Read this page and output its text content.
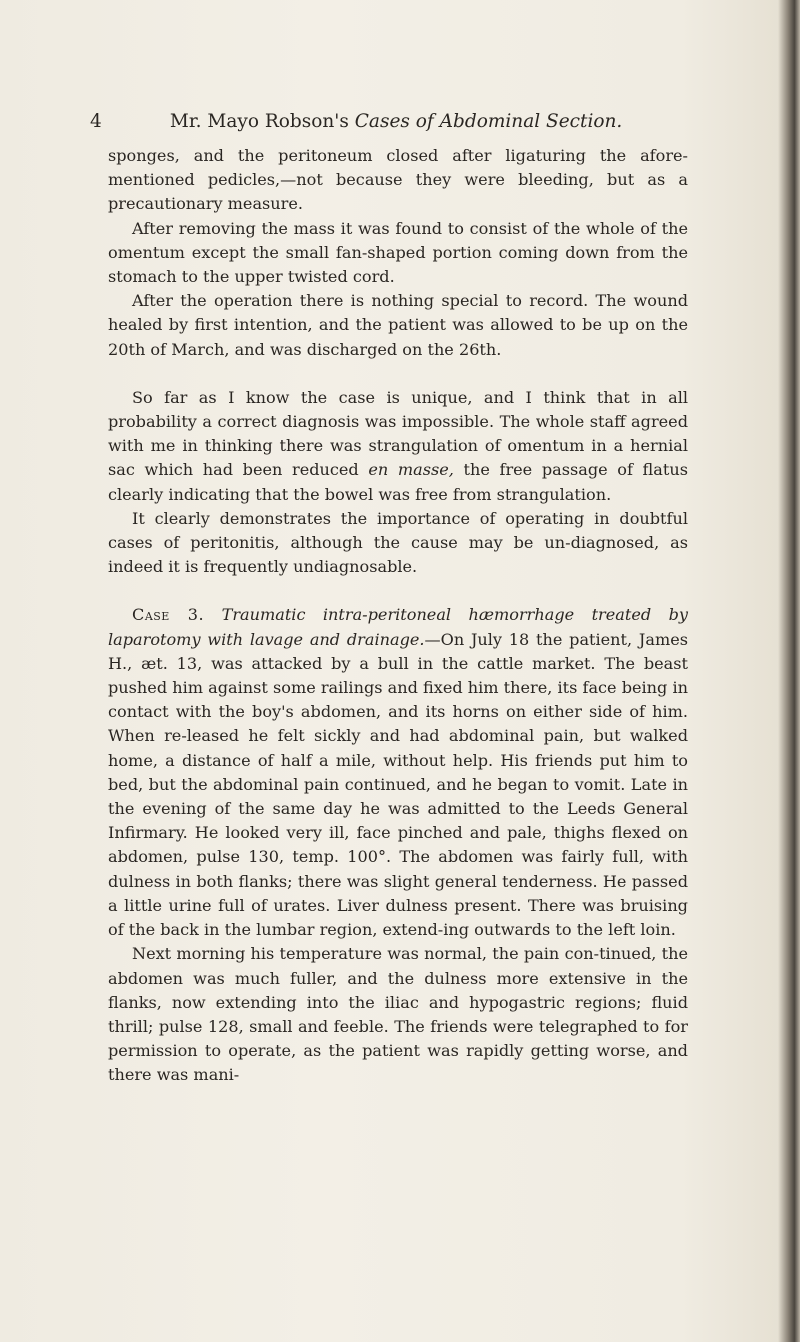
4	Mr. Mayo Robson's Cases of Abdominal Section.

sponges, and the peritoneum closed after ligaturing the afore-mentioned pedicles,—not because they were bleeding, but as a precautionary measure.

After removing the mass it was found to consist of the whole of the omentum except the small fan-shaped portion coming down from the stomach to the upper twisted cord.

After the operation there is nothing special to record. The wound healed by first intention, and the patient was allowed to be up on the 20th of March, and was discharged on the 26th.

So far as I know the case is unique, and I think that in all probability a correct diagnosis was impossible. The whole staff agreed with me in thinking there was strangulation of omentum in a hernial sac which had been reduced en masse, the free passage of flatus clearly indicating that the bowel was free from strangulation.

It clearly demonstrates the importance of operating in doubtful cases of peritonitis, although the cause may be un-diagnosed, as indeed it is frequently undiagnosable.

Case 3. Traumatic intra-peritoneal hæmorrhage treated by laparotomy with lavage and drainage.—On July 18 the patient, James H., æt. 13, was attacked by a bull in the cattle market. The beast pushed him against some railings and fixed him there, its face being in contact with the boy's abdomen, and its horns on either side of him. When re-leased he felt sickly and had abdominal pain, but walked home, a distance of half a mile, without help. His friends put him to bed, but the abdominal pain continued, and he began to vomit. Late in the evening of the same day he was admitted to the Leeds General Infirmary. He looked very ill, face pinched and pale, thighs flexed on abdomen, pulse 130, temp. 100°. The abdomen was fairly full, with dulness in both flanks; there was slight general tenderness. He passed a little urine full of urates. Liver dulness present. There was bruising of the back in the lumbar region, extend-ing outwards to the left loin.

Next morning his temperature was normal, the pain con-tinued, the abdomen was much fuller, and the dulness more extensive in the flanks, now extending into the iliac and hypogastric regions; fluid thrill; pulse 128, small and feeble. The friends were telegraphed to for permission to operate, as the patient was rapidly getting worse, and there was mani-
